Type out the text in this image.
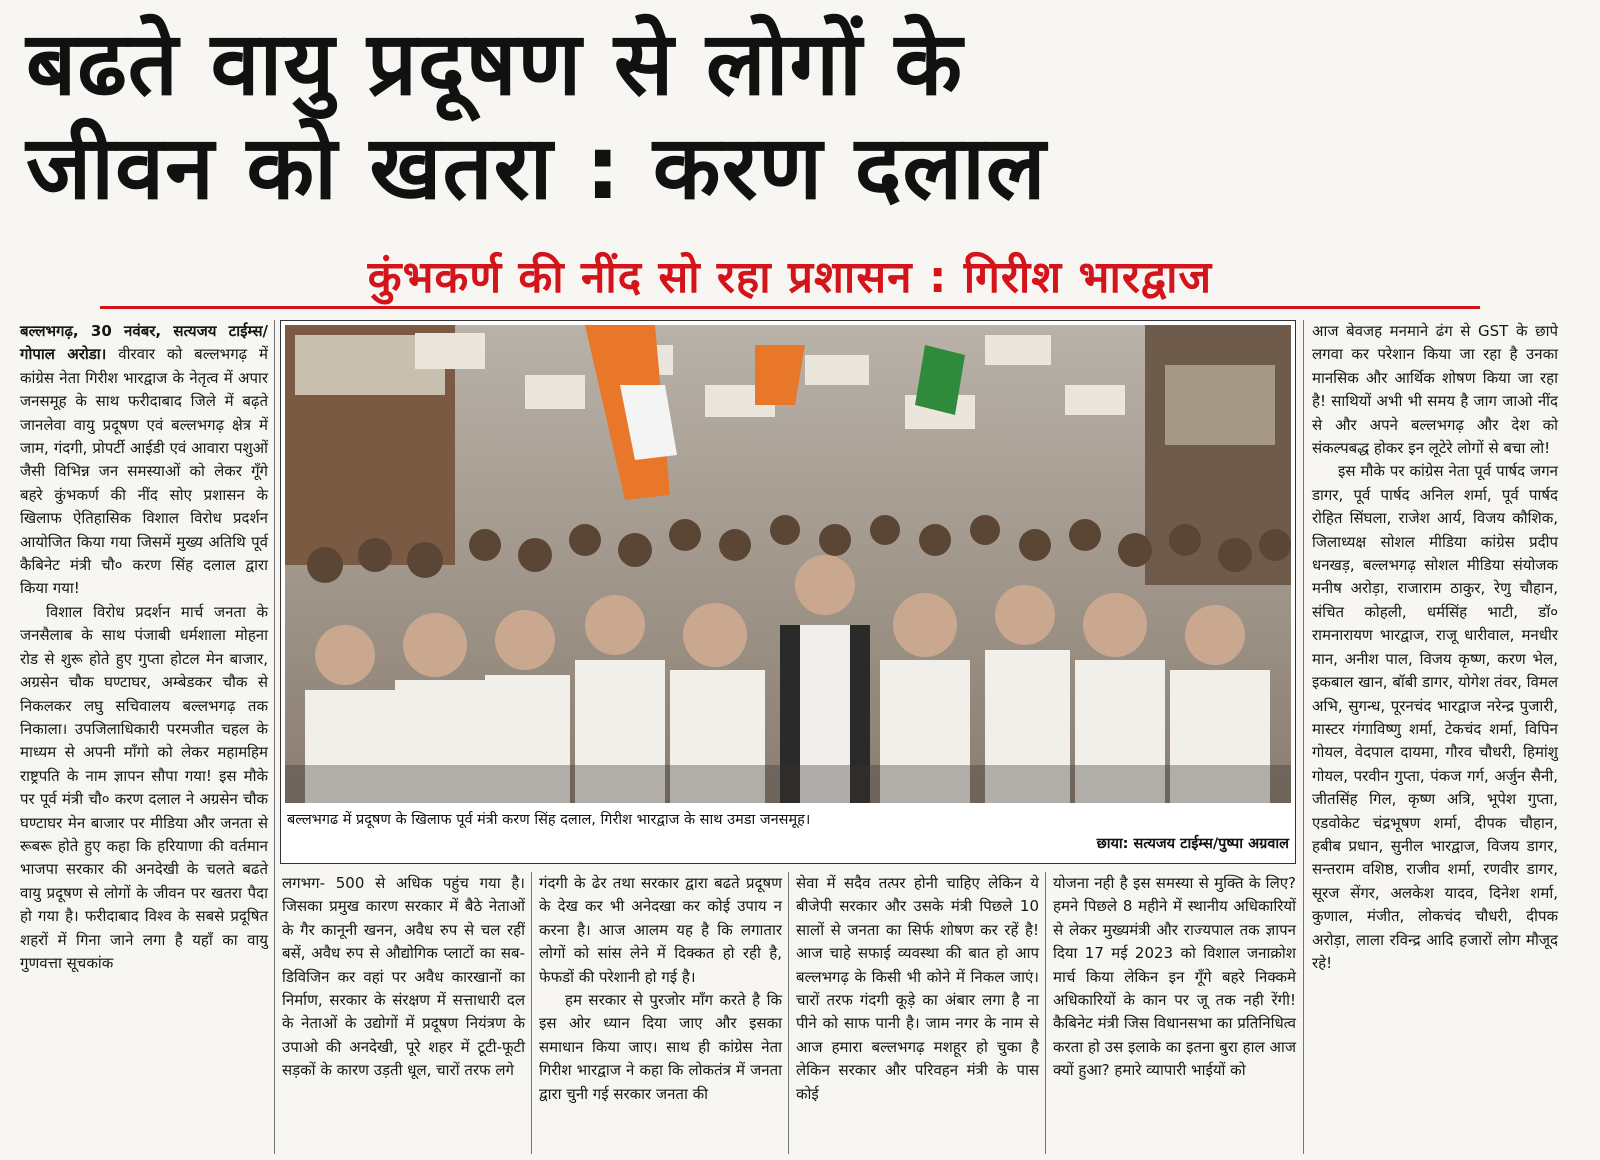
बढते वायु प्रदूषण से लोगों के
जीवन को खतरा : करण दलाल
कुंभकर्ण की नींद सो रहा प्रशासन : गिरीश भारद्वाज

बल्लभगढ़, 30 नवंबर, सत्यजय टाईम्स/गोपाल अरोडा। वीरवार को बल्लभगढ़ में कांग्रेस नेता गिरीश भारद्वाज के नेतृत्व में अपार जनसमूह के साथ फरीदाबाद जिले में बढ़ते जानलेवा वायु प्रदूषण एवं बल्लभगढ़ क्षेत्र में जाम, गंदगी, प्रोपर्टी आईडी एवं आवारा पशुओं जैसी विभिन्न जन समस्याओं को लेकर गूँगे बहरे कुंभकर्ण की नींद सोए प्रशासन के खिलाफ ऐतिहासिक विशाल विरोध प्रदर्शन आयोजित किया गया जिसमें मुख्य अतिथि पूर्व कैबिनेट मंत्री चौ० करण सिंह दलाल द्वारा किया गया!

विशाल विरोध प्रदर्शन मार्च जनता के जनसैलाब के साथ पंजाबी धर्मशाला मोहना रोड से शुरू होते हुए गुप्ता होटल मेन बाजार, अग्रसेन चौक घण्टाघर, अम्बेडकर चौक से निकलकर लघु सचिवालय बल्लभगढ़ तक निकाला। उपजिलाधिकारी परमजीत चहल के माध्यम से अपनी माँगो को लेकर महामहिम राष्ट्रपति के नाम ज्ञापन सौपा गया! इस मौके पर पूर्व मंत्री चौ० करण दलाल ने अग्रसेन चौक घण्टाघर मेन बाजार पर मीडिया और जनता से रूबरू होते हुए कहा कि हरियाणा की वर्तमान भाजपा सरकार की अनदेखी के चलते बढते वायु प्रदूषण से लोगों के जीवन पर खतरा पैदा हो गया है। फरीदाबाद विश्व के सबसे प्रदूषित शहरों में गिना जाने लगा है यहाँ का वायु गुणवत्ता सूचकांक

बल्लभगढ में प्रदूषण के खिलाफ पूर्व मंत्री करण सिंह दलाल, गिरीश भारद्वाज के साथ उमडा जनसमूह।
छाया: सत्यजय टाईम्स/पुष्पा अग्रवाल
लगभग- 500 से अधिक पहुंच गया है। जिसका प्रमुख कारण सरकार में बैठे नेताओं के गैर कानूनी खनन, अवैध रुप से चल रहीं बसें, अवैध रुप से औद्योगिक प्लाटों का सब-डिविजिन कर वहां पर अवैध कारखानों का निर्माण, सरकार के संरक्षण में सत्ताधारी दल के नेताओं के उद्योगों में प्रदूषण नियंत्रण के उपाओ की अनदेखी, पूरे शहर में टूटी-फूटी सड़कों के कारण उड़ती धूल, चारों तरफ लगे

गंदगी के ढेर तथा सरकार द्वारा बढते प्रदूषण के देख कर भी अनेदखा कर कोई उपाय न करना है। आज आलम यह है कि लगातार लोगों को सांस लेने में दिक्कत हो रही है, फेफडों की परेशानी हो गई है।

हम सरकार से पुरजोर माँग करते है कि इस ओर ध्यान दिया जाए और इसका समाधान किया जाए। साथ ही कांग्रेस नेता गिरीश भारद्वाज ने कहा कि लोकतंत्र में जनता द्वारा चुनी गई सरकार जनता की

सेवा में सदैव तत्पर होनी चाहिए लेकिन ये बीजेपी सरकार और उसके मंत्री पिछले 10 सालों से जनता का सिर्फ शोषण कर रहें है! आज चाहे सफाई व्यवस्था की बात हो आप बल्लभगढ़ के किसी भी कोने में निकल जाएं। चारों तरफ गंदगी कूड़े का अंबार लगा है ना पीने को साफ पानी है। जाम नगर के नाम से आज हमारा बल्लभगढ़ मशहूर हो चुका है लेकिन सरकार और परिवहन मंत्री के पास कोई
योजना नही है इस समस्या से मुक्ति के लिए? हमने पिछले 8 महीने में स्थानीय अधिकारियों से लेकर मुख्यमंत्री और राज्यपाल तक ज्ञापन दिया 17 मई 2023 को विशाल जनाक्रोश मार्च किया लेकिन इन गूँगे बहरे निक्कमे अधिकारियों के कान पर जू तक नही रेंगी! कैबिनेट मंत्री जिस विधानसभा का प्रतिनिधित्व करता हो उस इलाके का इतना बुरा हाल आज क्यों हुआ? हमारे व्यापारी भाईयों को

आज बेवजह मनमाने ढंग से GST के छापे लगवा कर परेशान किया जा रहा है उनका मानसिक और आर्थिक शोषण किया जा रहा है! साथियों अभी भी समय है जाग जाओ नींद से और अपने बल्लभगढ़ और देश को संकल्पबद्ध होकर इन लूटेरे लोगों से बचा लो!

इस मौके पर कांग्रेस नेता पूर्व पार्षद जगन डागर, पूर्व पार्षद अनिल शर्मा, पूर्व पार्षद रोहित सिंघला, राजेश आर्य, विजय कौशिक, जिलाध्यक्ष सोशल मीडिया कांग्रेस प्रदीप धनखड़, बल्लभगढ़ सोशल मीडिया संयोजक मनीष अरोड़ा, राजाराम ठाकुर, रेणु चौहान, संचित कोहली, धर्मसिंह भाटी, डॉ० रामनारायण भारद्वाज, राजू धारीवाल, मनधीर मान, अनीश पाल, विजय कृष्ण, करण भेल, इकबाल खान, बॉबी डागर, योगेश तंवर, विमल अभि, सुगन्ध, पूरनचंद भारद्वाज नरेन्द्र पुजारी, मास्टर गंगाविष्णु शर्मा, टेकचंद शर्मा, विपिन गोयल, वेदपाल दायमा, गौरव चौधरी, हिमांशु गोयल, परवीन गुप्ता, पंकज गर्ग, अर्जुन सैनी, जीतसिंह गिल, कृष्ण अत्रि, भूपेश गुप्ता, एडवोकेट चंद्रभूषण शर्मा, दीपक चौहान, हबीब प्रधान, सुनील भारद्वाज, विजय डागर, सन्तराम वशिष्ठ, राजीव शर्मा, रणवीर डागर, सूरज सेंगर, अलकेश यादव, दिनेश शर्मा, कुणाल, मंजीत, लोकचंद चौधरी, दीपक अरोड़ा, लाला रविन्द्र आदि हजारों लोग मौजूद रहे!
